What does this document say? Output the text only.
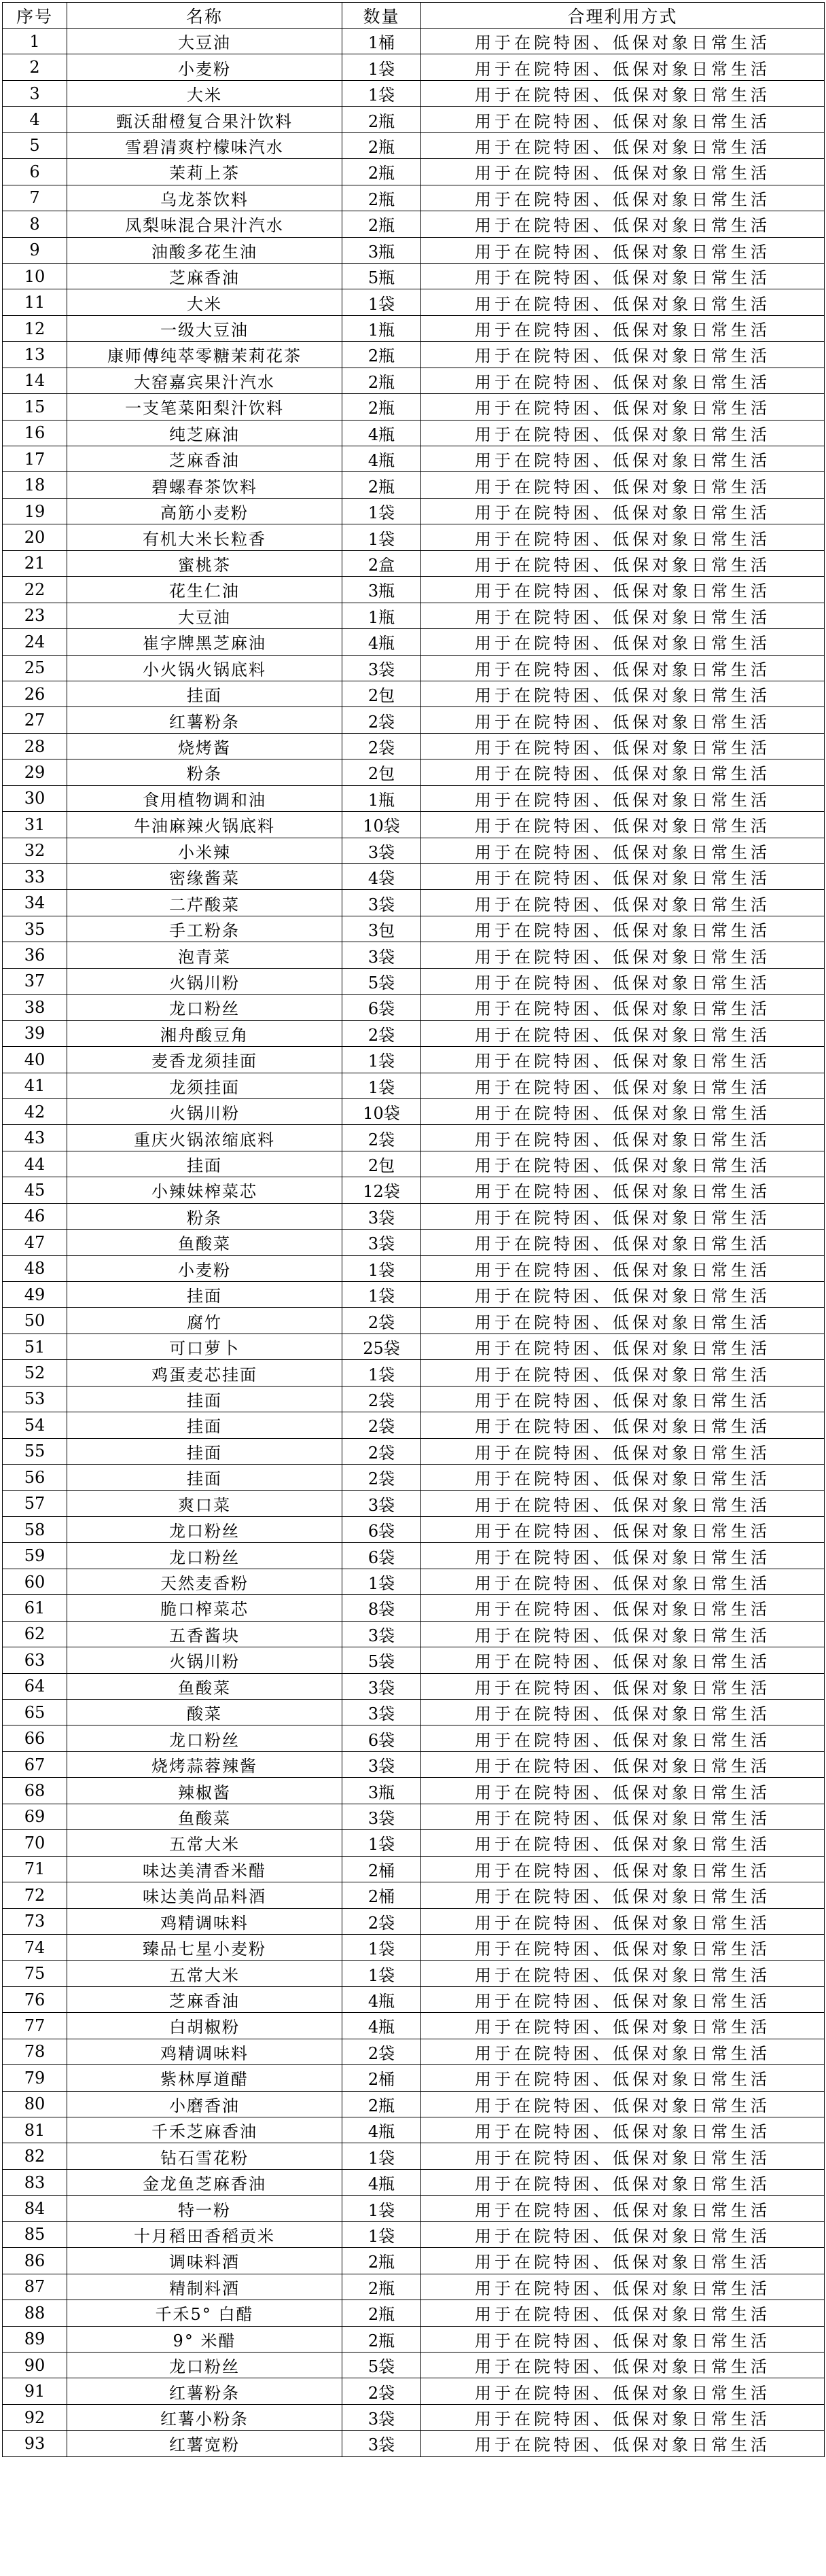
序号	名称	数量	合理利用方式
1	大豆油	1桶	用于在院特困、低保对象日常生活
2	小麦粉	1袋	用于在院特困、低保对象日常生活
3	大米	1袋	用于在院特困、低保对象日常生活
4	甄沃甜橙复合果汁饮料	2瓶	用于在院特困、低保对象日常生活
5	雪碧清爽柠檬味汽水	2瓶	用于在院特困、低保对象日常生活
6	茉莉上茶	2瓶	用于在院特困、低保对象日常生活
7	乌龙茶饮料	2瓶	用于在院特困、低保对象日常生活
8	凤梨味混合果汁汽水	2瓶	用于在院特困、低保对象日常生活
9	油酸多花生油	3瓶	用于在院特困、低保对象日常生活
10	芝麻香油	5瓶	用于在院特困、低保对象日常生活
11	大米	1袋	用于在院特困、低保对象日常生活
12	一级大豆油	1瓶	用于在院特困、低保对象日常生活
13	康师傅纯萃零糖茉莉花茶	2瓶	用于在院特困、低保对象日常生活
14	大窑嘉宾果汁汽水	2瓶	用于在院特困、低保对象日常生活
15	一支笔菜阳梨汁饮料	2瓶	用于在院特困、低保对象日常生活
16	纯芝麻油	4瓶	用于在院特困、低保对象日常生活
17	芝麻香油	4瓶	用于在院特困、低保对象日常生活
18	碧螺春茶饮料	2瓶	用于在院特困、低保对象日常生活
19	高筋小麦粉	1袋	用于在院特困、低保对象日常生活
20	有机大米长粒香	1袋	用于在院特困、低保对象日常生活
21	蜜桃茶	2盒	用于在院特困、低保对象日常生活
22	花生仁油	3瓶	用于在院特困、低保对象日常生活
23	大豆油	1瓶	用于在院特困、低保对象日常生活
24	崔字牌黑芝麻油	4瓶	用于在院特困、低保对象日常生活
25	小火锅火锅底料	3袋	用于在院特困、低保对象日常生活
26	挂面	2包	用于在院特困、低保对象日常生活
27	红薯粉条	2袋	用于在院特困、低保对象日常生活
28	烧烤酱	2袋	用于在院特困、低保对象日常生活
29	粉条	2包	用于在院特困、低保对象日常生活
30	食用植物调和油	1瓶	用于在院特困、低保对象日常生活
31	牛油麻辣火锅底料	10袋	用于在院特困、低保对象日常生活
32	小米辣	3袋	用于在院特困、低保对象日常生活
33	密缘酱菜	4袋	用于在院特困、低保对象日常生活
34	二芹酸菜	3袋	用于在院特困、低保对象日常生活
35	手工粉条	3包	用于在院特困、低保对象日常生活
36	泡青菜	3袋	用于在院特困、低保对象日常生活
37	火锅川粉	5袋	用于在院特困、低保对象日常生活
38	龙口粉丝	6袋	用于在院特困、低保对象日常生活
39	湘舟酸豆角	2袋	用于在院特困、低保对象日常生活
40	麦香龙须挂面	1袋	用于在院特困、低保对象日常生活
41	龙须挂面	1袋	用于在院特困、低保对象日常生活
42	火锅川粉	10袋	用于在院特困、低保对象日常生活
43	重庆火锅浓缩底料	2袋	用于在院特困、低保对象日常生活
44	挂面	2包	用于在院特困、低保对象日常生活
45	小辣妹榨菜芯	12袋	用于在院特困、低保对象日常生活
46	粉条	3袋	用于在院特困、低保对象日常生活
47	鱼酸菜	3袋	用于在院特困、低保对象日常生活
48	小麦粉	1袋	用于在院特困、低保对象日常生活
49	挂面	1袋	用于在院特困、低保对象日常生活
50	腐竹	2袋	用于在院特困、低保对象日常生活
51	可口萝卜	25袋	用于在院特困、低保对象日常生活
52	鸡蛋麦芯挂面	1袋	用于在院特困、低保对象日常生活
53	挂面	2袋	用于在院特困、低保对象日常生活
54	挂面	2袋	用于在院特困、低保对象日常生活
55	挂面	2袋	用于在院特困、低保对象日常生活
56	挂面	2袋	用于在院特困、低保对象日常生活
57	爽口菜	3袋	用于在院特困、低保对象日常生活
58	龙口粉丝	6袋	用于在院特困、低保对象日常生活
59	龙口粉丝	6袋	用于在院特困、低保对象日常生活
60	天然麦香粉	1袋	用于在院特困、低保对象日常生活
61	脆口榨菜芯	8袋	用于在院特困、低保对象日常生活
62	五香酱块	3袋	用于在院特困、低保对象日常生活
63	火锅川粉	5袋	用于在院特困、低保对象日常生活
64	鱼酸菜	3袋	用于在院特困、低保对象日常生活
65	酸菜	3袋	用于在院特困、低保对象日常生活
66	龙口粉丝	6袋	用于在院特困、低保对象日常生活
67	烧烤蒜蓉辣酱	3袋	用于在院特困、低保对象日常生活
68	辣椒酱	3瓶	用于在院特困、低保对象日常生活
69	鱼酸菜	3袋	用于在院特困、低保对象日常生活
70	五常大米	1袋	用于在院特困、低保对象日常生活
71	味达美清香米醋	2桶	用于在院特困、低保对象日常生活
72	味达美尚品料酒	2桶	用于在院特困、低保对象日常生活
73	鸡精调味料	2袋	用于在院特困、低保对象日常生活
74	臻品七星小麦粉	1袋	用于在院特困、低保对象日常生活
75	五常大米	1袋	用于在院特困、低保对象日常生活
76	芝麻香油	4瓶	用于在院特困、低保对象日常生活
77	白胡椒粉	4瓶	用于在院特困、低保对象日常生活
78	鸡精调味料	2袋	用于在院特困、低保对象日常生活
79	紫林厚道醋	2桶	用于在院特困、低保对象日常生活
80	小磨香油	2瓶	用于在院特困、低保对象日常生活
81	千禾芝麻香油	4瓶	用于在院特困、低保对象日常生活
82	钻石雪花粉	1袋	用于在院特困、低保对象日常生活
83	金龙鱼芝麻香油	4瓶	用于在院特困、低保对象日常生活
84	特一粉	1袋	用于在院特困、低保对象日常生活
85	十月稻田香稻贡米	1袋	用于在院特困、低保对象日常生活
86	调味料酒	2瓶	用于在院特困、低保对象日常生活
87	精制料酒	2瓶	用于在院特困、低保对象日常生活
88	千禾5° 白醋	2瓶	用于在院特困、低保对象日常生活
89	9° 米醋	2瓶	用于在院特困、低保对象日常生活
90	龙口粉丝	5袋	用于在院特困、低保对象日常生活
91	红薯粉条	2袋	用于在院特困、低保对象日常生活
92	红薯小粉条	3袋	用于在院特困、低保对象日常生活
93	红薯宽粉	3袋	用于在院特困、低保对象日常生活
